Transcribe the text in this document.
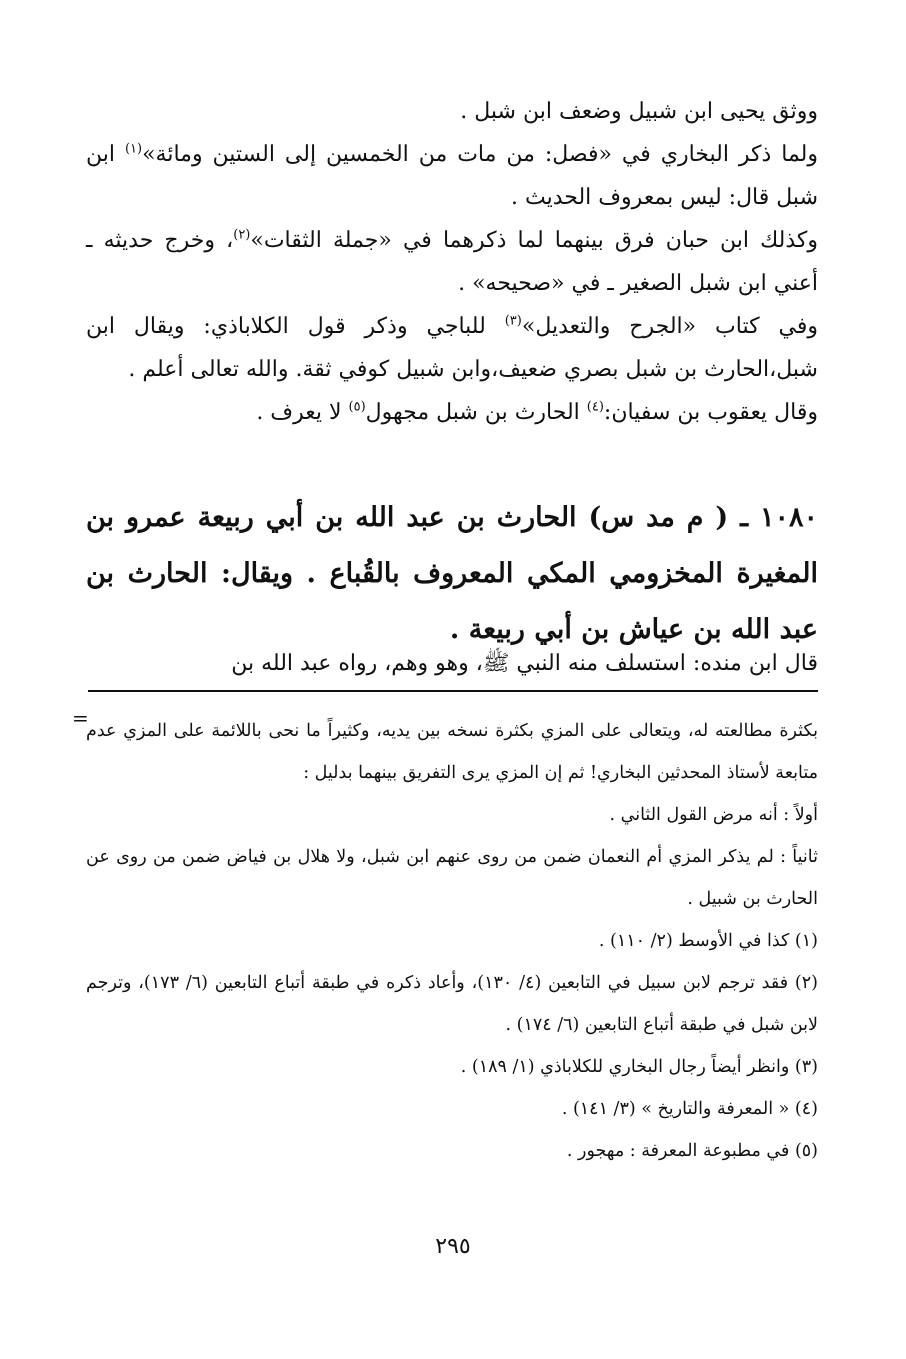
ووثق يحيى ابن شبيل وضعف ابن شبل .

ولما ذكر البخاري في «فصل: من مات من الخمسين إلى الستين ومائة»$^{(١)}$ ابن شبل قال: ليس بمعروف الحديث .

وكذلك ابن حبان فرق بينهما لما ذكرهما في «جملة الثقات»$^{(٢)}$، وخرج حديثه ـ أعني ابن شبل الصغير ـ في «صحيحه» .

وفي كتاب «الجرح والتعديل»$^{(٣)}$ للباجي وذكر قول الكلاباذي: ويقال ابن شبل،الحارث بن شبل بصري ضعيف،وابن شبيل كوفي ثقة. والله تعالى أعلم .

وقال يعقوب بن سفيان:$^{(٤)}$ الحارث بن شبل مجهول$^{(٥)}$ لا يعرف .

١٠٨٠ ـ ( م مد س) الحارث بن عبد الله بن أبي ربيعة عمرو بن المغيرة المخزومي المكي المعروف بالقُباع . ويقال: الحارث بن عبد الله بن عياش بن أبي ربيعة .

قال ابن منده: استسلف منه النبي ﷺ، وهو وهم، رواه عبد الله بن

=

بكثرة مطالعته له، ويتعالى على المزي بكثرة نسخه بين يديه، وكثيراً ما نحى باللائمة على المزي عدم متابعة لأستاذ المحدثين البخاري! ثم إن المزي يرى التفريق بينهما بدليل :

أولاً : أنه مرض القول الثاني .

ثانياً : لم يذكر المزي أم النعمان ضمن من روى عنهم ابن شبل، ولا هلال بن فياض ضمن من روى عن الحارث بن شبيل .

(١) كذا في الأوسط (٢/ ١١٠) .

(٢) فقد ترجم لابن سبيل في التابعين (٤/ ١٣٠)، وأعاد ذكره في طبقة أتباع التابعين (٦/ ١٧٣)، وترجم لابن شبل في طبقة أتباع التابعين (٦/ ١٧٤) .

(٣) وانظر أيضاً رجال البخاري للكلاباذي (١/ ١٨٩) .

(٤) « المعرفة والتاريخ » (٣/ ١٤١) .

(٥) في مطبوعة المعرفة : مهجور .

٢٩٥
